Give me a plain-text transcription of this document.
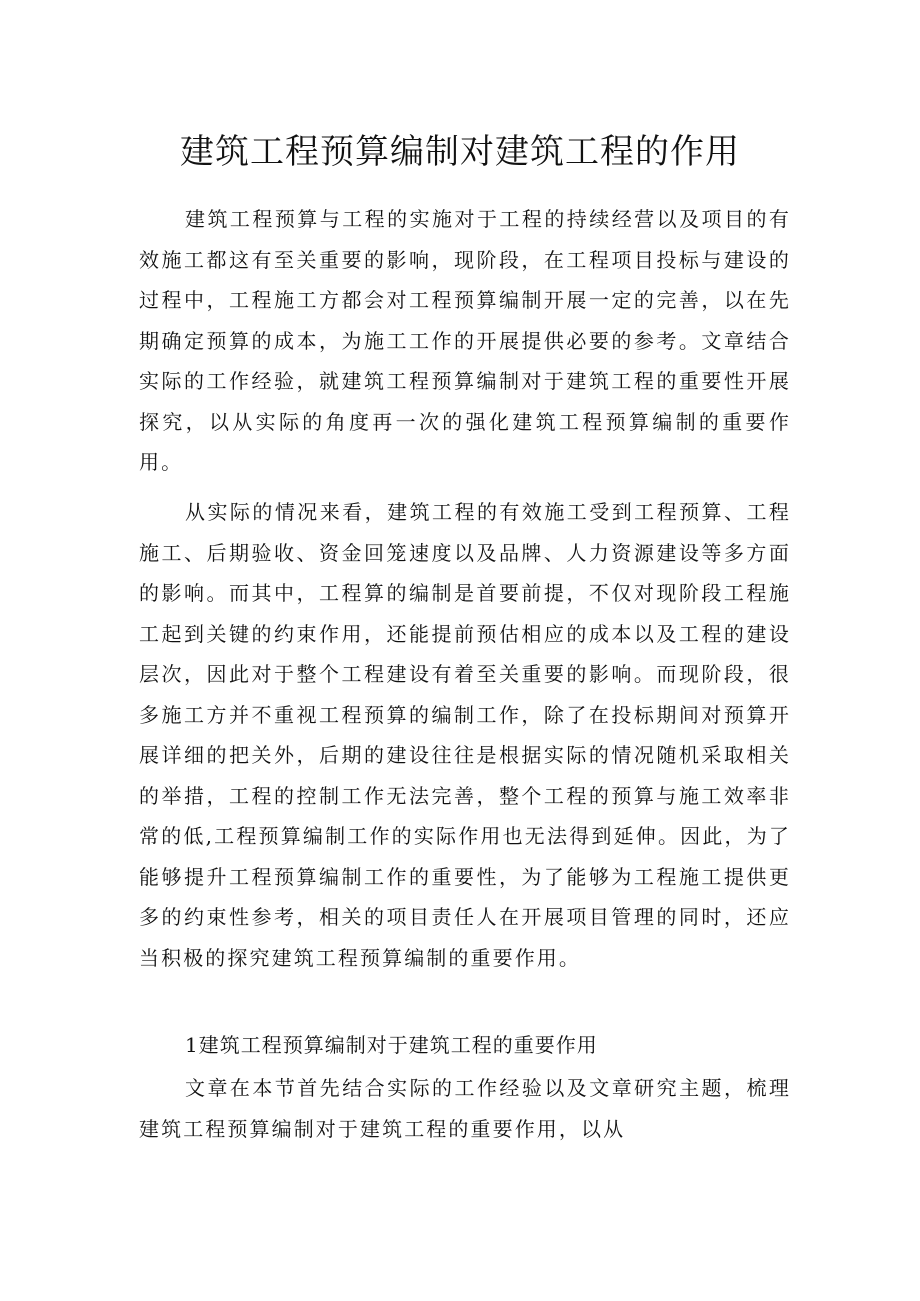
建筑工程预算编制对建筑工程的作用

建筑工程预算与工程的实施对于工程的持续经营以及项目的有效施工都这有至关重要的影响，现阶段，在工程项目投标与建设的过程中，工程施工方都会对工程预算编制开展一定的完善，以在先期确定预算的成本，为施工工作的开展提供必要的参考。文章结合实际的工作经验，就建筑工程预算编制对于建筑工程的重要性开展探究，以从实际的角度再一次的强化建筑工程预算编制的重要作用。

从实际的情况来看，建筑工程的有效施工受到工程预算、工程施工、后期验收、资金回笼速度以及品牌、人力资源建设等多方面的影响。而其中，工程算的编制是首要前提，不仅对现阶段工程施工起到关键的约束作用，还能提前预估相应的成本以及工程的建设层次，因此对于整个工程建设有着至关重要的影响。而现阶段，很多施工方并不重视工程预算的编制工作，除了在投标期间对预算开展详细的把关外，后期的建设往往是根据实际的情况随机采取相关的举措，工程的控制工作无法完善，整个工程的预算与施工效率非常的低,工程预算编制工作的实际作用也无法得到延伸。因此，为了能够提升工程预算编制工作的重要性，为了能够为工程施工提供更多的约束性参考，相关的项目责任人在开展项目管理的同时，还应当积极的探究建筑工程预算编制的重要作用。

1建筑工程预算编制对于建筑工程的重要作用

文章在本节首先结合实际的工作经验以及文章研究主题，梳理建筑工程预算编制对于建筑工程的重要作用，以从
